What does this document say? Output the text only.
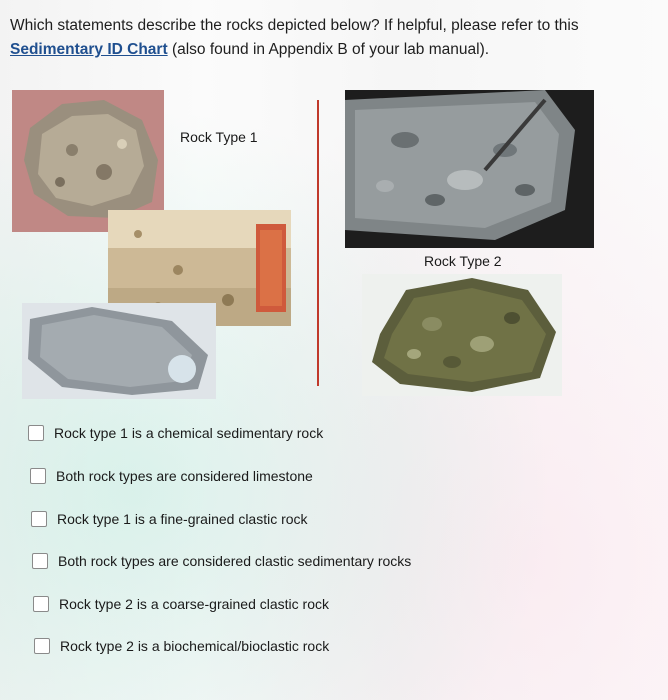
Which statements describe the rocks depicted below? If helpful, please refer to this Sedimentary ID Chart (also found in Appendix B of your lab manual).
Rock Type 1
Rock Type 2
Rock type 1 is a chemical sedimentary rock
Both rock types are considered limestone
Rock type 1 is a fine-grained clastic rock
Both rock types are considered clastic sedimentary rocks
Rock type 2 is a coarse-grained clastic rock
Rock type 2 is a biochemical/bioclastic rock
